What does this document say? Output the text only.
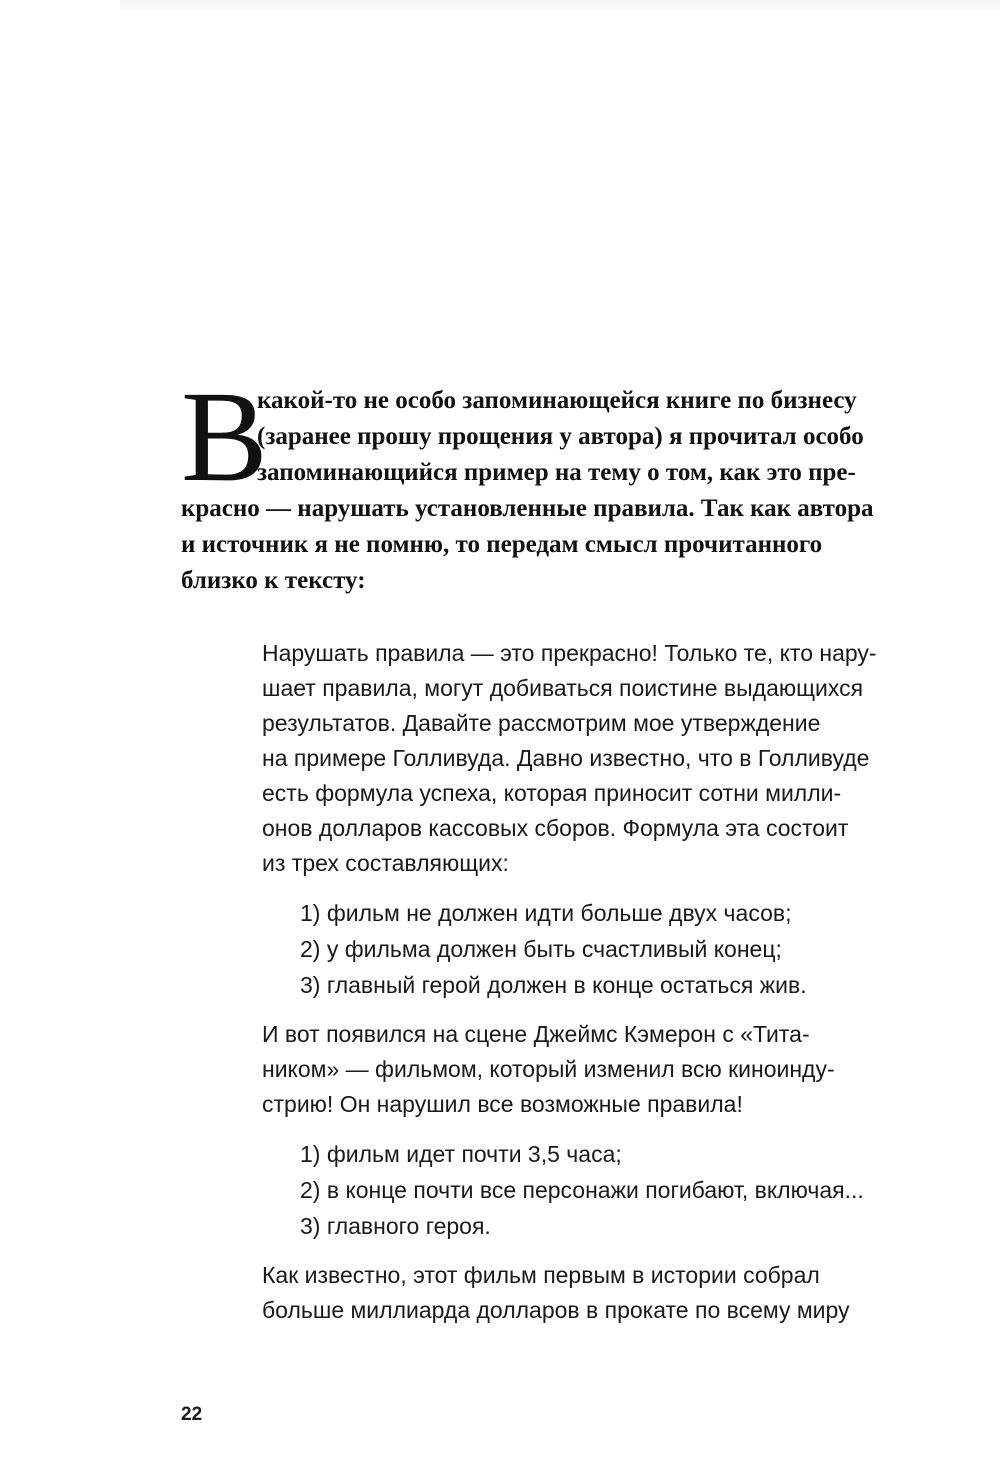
В
какой-то не особо запоминающейся книге по бизнесу
(заранее прошу прощения у автора) я прочитал особо
запоминающийся пример на тему о том, как это пре-
красно — нарушать установленные правила. Так как автора
и источник я не помню, то передам смысл прочитанного
близко к тексту:
Нарушать правила — это прекрасно! Только те, кто нару-
шает правила, могут добиваться поистине выдающихся
результатов. Давайте рассмотрим мое утверждение
на примере Голливуда. Давно известно, что в Голливуде
есть формула успеха, которая приносит сотни милли-
онов долларов кассовых сборов. Формула эта состоит
из трех составляющих:
1) фильм не должен идти больше двух часов;
2) у фильма должен быть счастливый конец;
3) главный герой должен в конце остаться жив.
И вот появился на сцене Джеймс Кэмерон с «Тита-
ником» — фильмом, который изменил всю киноинду-
стрию! Он нарушил все возможные правила!
1) фильм идет почти 3,5 часа;
2) в конце почти все персонажи погибают, включая...
3) главного героя.
Как известно, этот фильм первым в истории собрал
больше миллиарда долларов в прокате по всему миру
22
